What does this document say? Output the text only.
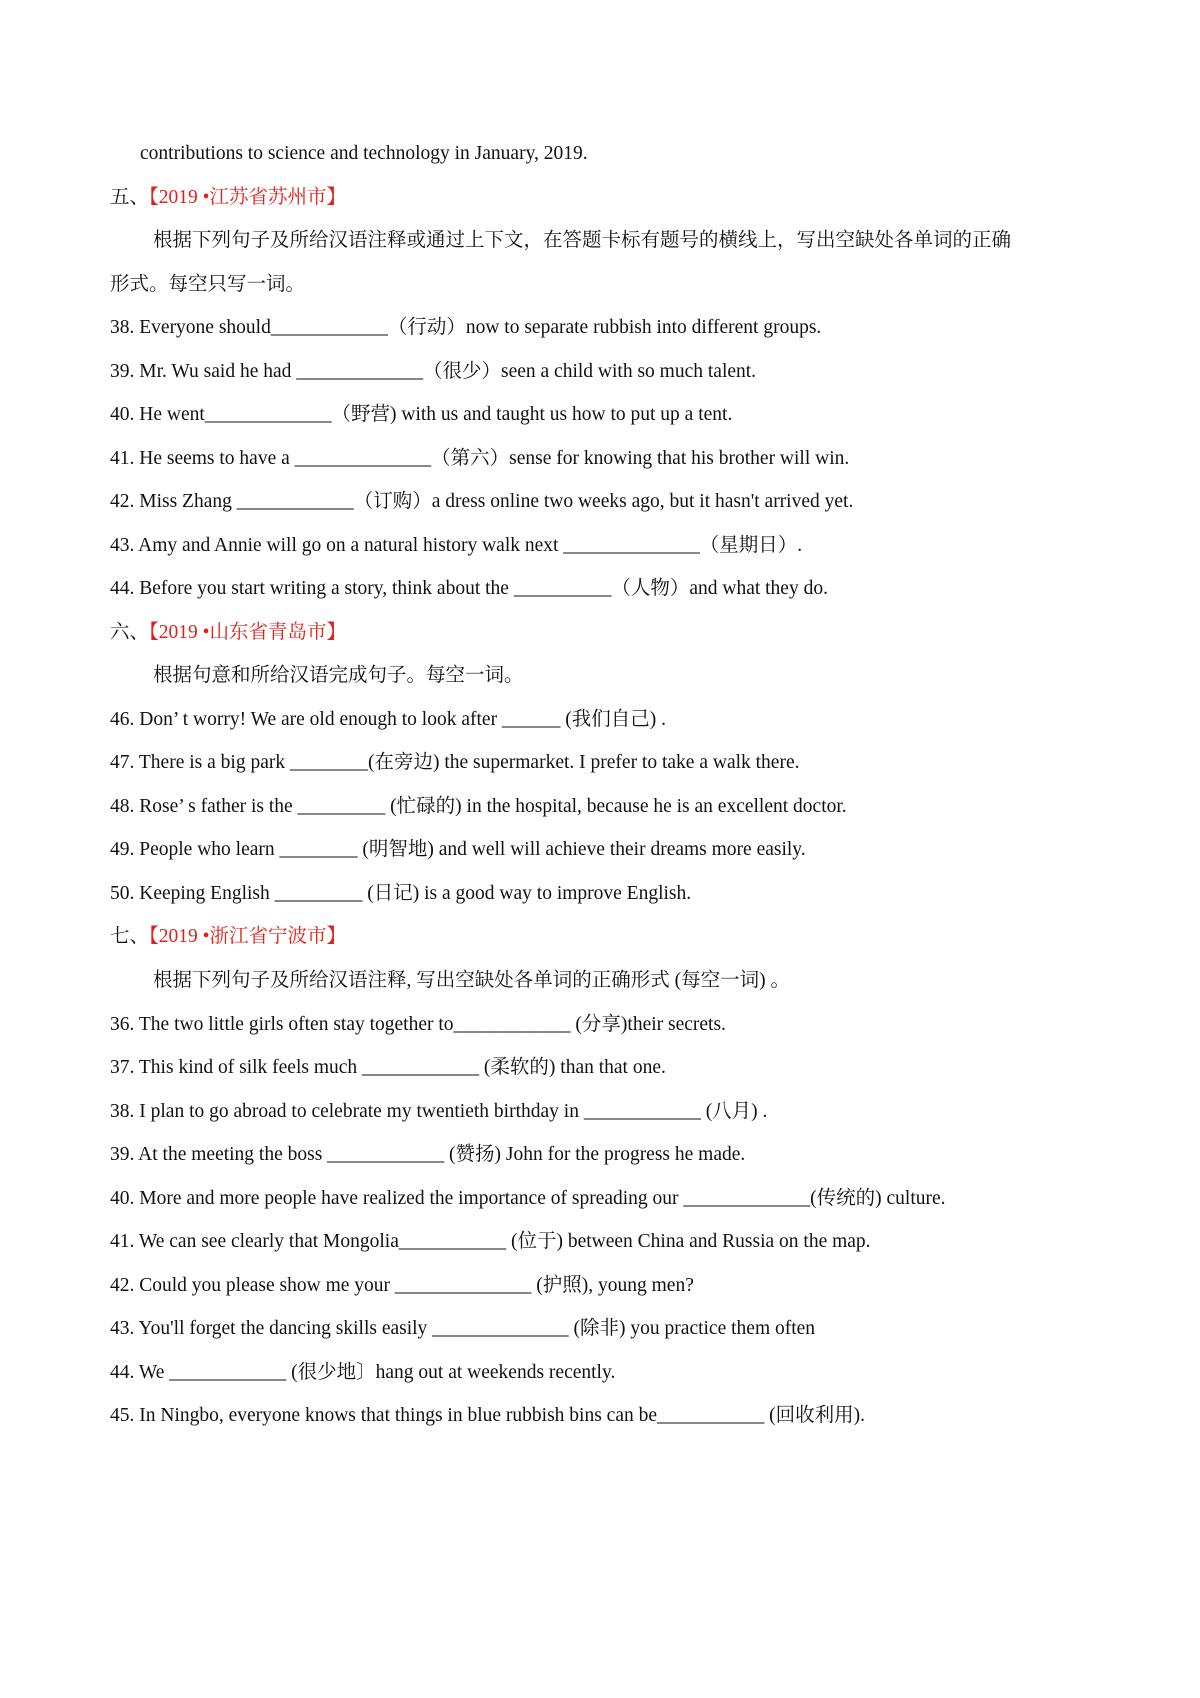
contributions to science and technology in January, 2019.
五、【2019 •江苏省苏州市】
根据下列句子及所给汉语注释或通过上下文，在答题卡标有题号的横线上，写出空缺处各单词的正确
形式。每空只写一词。
38. Everyone should____________（行动）now to separate rubbish into different groups.
39. Mr. Wu said he had _____________（很少）seen a child with so much talent.
40. He went_____________（野营) with us and taught us how to put up a tent.
41. He seems to have a ______________（第六）sense for knowing that his brother will win.
42. Miss Zhang ____________（订购）a dress online two weeks ago, but it hasn't arrived yet.
43. Amy and Annie will go on a natural history walk next ______________（星期日）.
44. Before you start writing a story, think about the __________（人物）and what they do.
六、【2019 •山东省青岛市】
根据句意和所给汉语完成句子。每空一词。
46. Don’ t worry! We are old enough to look after ______ (我们自己) .
47. There is a big park ________(在旁边) the supermarket. I prefer to take a walk there.
48. Rose’ s father is the _________ (忙碌的) in the hospital, because he is an excellent doctor.
49. People who learn ________ (明智地) and well will achieve their dreams more easily.
50. Keeping English _________ (日记) is a good way to improve English.
七、【2019 •浙江省宁波市】
根据下列句子及所给汉语注释, 写出空缺处各单词的正确形式 (每空一词) 。
36. The two little girls often stay together to____________ (分享)their secrets.
37. This kind of silk feels much ____________ (柔软的) than that one.
38. I plan to go abroad to celebrate my twentieth birthday in ____________ (八月) .
39. At the meeting the boss ____________ (赞扬) John for the progress he made.
40. More and more people have realized the importance of spreading our _____________(传统的) culture.
41. We can see clearly that Mongolia___________ (位于) between China and Russia on the map.
42. Could you please show me your ______________ (护照), young men?
43. You'll forget the dancing skills easily ______________ (除非) you practice them often
44. We ____________ (很少地〕hang out at weekends recently.
45. In Ningbo, everyone knows that things in blue rubbish bins can be___________ (回收利用).
